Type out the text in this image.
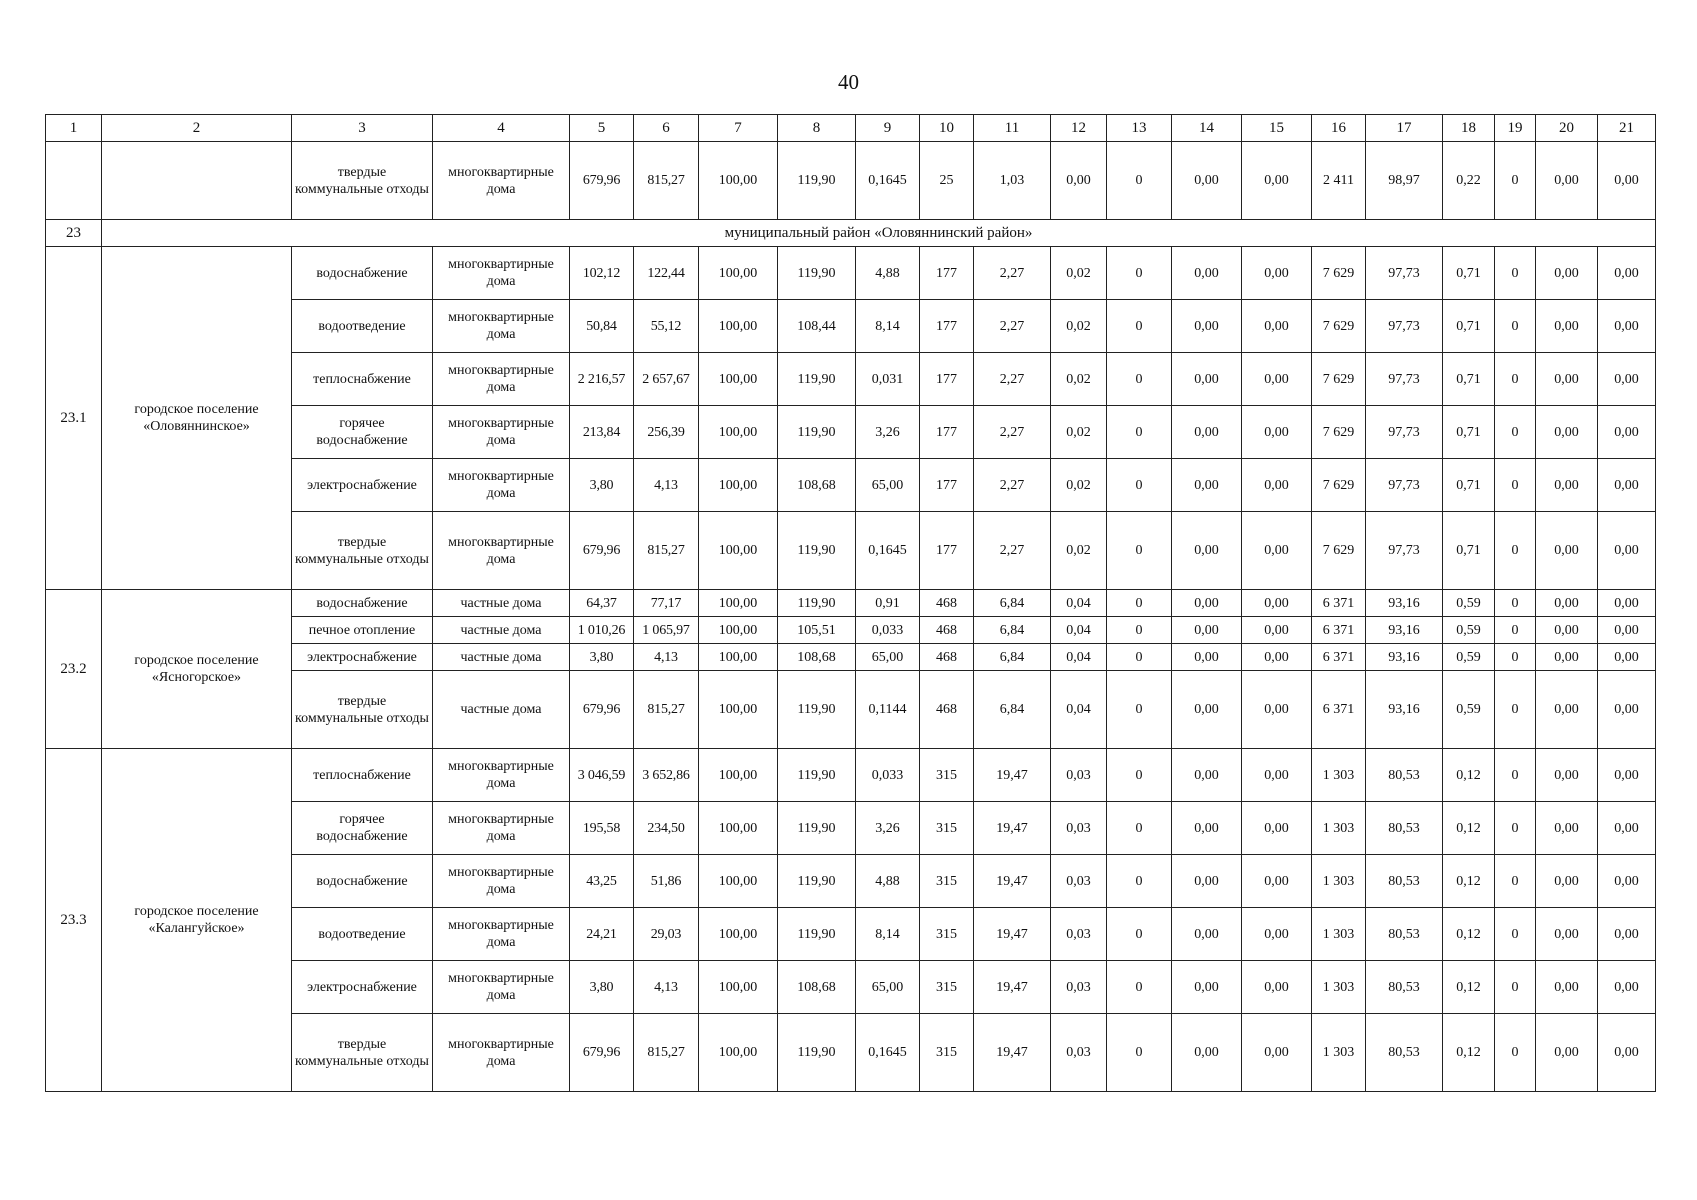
40
1	2	3	4	5	6	7	8	9	10	11	12	13	14	15	16	17	18	19	20	21
		твердые коммунальные отходы	многоквартирные дома	679,96	815,27	100,00	119,90	0,1645	25	1,03	0,00	0	0,00	0,00	2 411	98,97	0,22	0	0,00	0,00
23	муниципальный район «Оловяннинский район»																			
23.1	городское поселение «Оловяннинское»	водоснабжение	многоквартирные дома	102,12	122,44	100,00	119,90	4,88	177	2,27	0,02	0	0,00	0,00	7 629	97,73	0,71	0	0,00	0,00
		водоотведение	многоквартирные дома	50,84	55,12	100,00	108,44	8,14	177	2,27	0,02	0	0,00	0,00	7 629	97,73	0,71	0	0,00	0,00
		теплоснабжение	многоквартирные дома	2 216,57	2 657,67	100,00	119,90	0,031	177	2,27	0,02	0	0,00	0,00	7 629	97,73	0,71	0	0,00	0,00
		горячее водоснабжение	многоквартирные дома	213,84	256,39	100,00	119,90	3,26	177	2,27	0,02	0	0,00	0,00	7 629	97,73	0,71	0	0,00	0,00
		электроснабжение	многоквартирные дома	3,80	4,13	100,00	108,68	65,00	177	2,27	0,02	0	0,00	0,00	7 629	97,73	0,71	0	0,00	0,00
		твердые коммунальные отходы	многоквартирные дома	679,96	815,27	100,00	119,90	0,1645	177	2,27	0,02	0	0,00	0,00	7 629	97,73	0,71	0	0,00	0,00
23.2	городское поселение «Ясногорское»	водоснабжение	частные дома	64,37	77,17	100,00	119,90	0,91	468	6,84	0,04	0	0,00	0,00	6 371	93,16	0,59	0	0,00	0,00
		печное отопление	частные дома	1 010,26	1 065,97	100,00	105,51	0,033	468	6,84	0,04	0	0,00	0,00	6 371	93,16	0,59	0	0,00	0,00
		электроснабжение	частные дома	3,80	4,13	100,00	108,68	65,00	468	6,84	0,04	0	0,00	0,00	6 371	93,16	0,59	0	0,00	0,00
		твердые коммунальные отходы	частные дома	679,96	815,27	100,00	119,90	0,1144	468	6,84	0,04	0	0,00	0,00	6 371	93,16	0,59	0	0,00	0,00
23.3	городское поселение «Калангуйское»	теплоснабжение	многоквартирные дома	3 046,59	3 652,86	100,00	119,90	0,033	315	19,47	0,03	0	0,00	0,00	1 303	80,53	0,12	0	0,00	0,00
		горячее водоснабжение	многоквартирные дома	195,58	234,50	100,00	119,90	3,26	315	19,47	0,03	0	0,00	0,00	1 303	80,53	0,12	0	0,00	0,00
		водоснабжение	многоквартирные дома	43,25	51,86	100,00	119,90	4,88	315	19,47	0,03	0	0,00	0,00	1 303	80,53	0,12	0	0,00	0,00
		водоотведение	многоквартирные дома	24,21	29,03	100,00	119,90	8,14	315	19,47	0,03	0	0,00	0,00	1 303	80,53	0,12	0	0,00	0,00
		электроснабжение	многоквартирные дома	3,80	4,13	100,00	108,68	65,00	315	19,47	0,03	0	0,00	0,00	1 303	80,53	0,12	0	0,00	0,00
		твердые коммунальные отходы	многоквартирные дома	679,96	815,27	100,00	119,90	0,1645	315	19,47	0,03	0	0,00	0,00	1 303	80,53	0,12	0	0,00	0,00
